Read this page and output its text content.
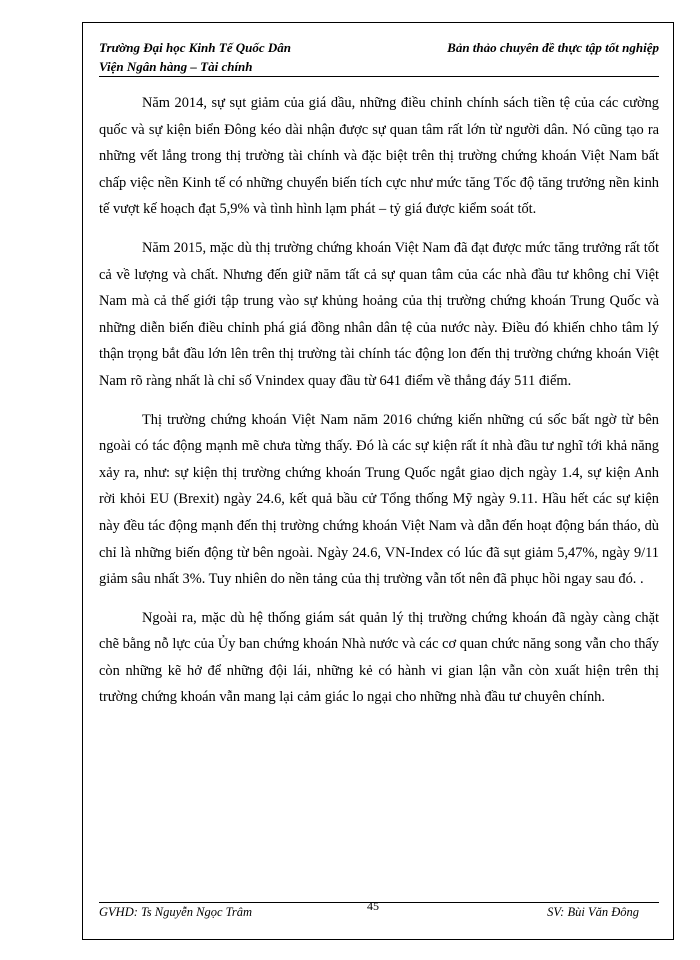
Trường Đại học Kinh Tế Quốc Dân	Bản thảo chuyên đề thực tập tốt nghiệp
Viện Ngân hàng – Tài chính

Năm 2014, sự sụt giảm của giá dầu, những điều chỉnh chính sách tiền tệ của các cường quốc và sự kiện biển Đông kéo dài nhận được sự quan tâm rất lớn từ người dân. Nó cũng tạo ra những vết lắng trong thị trường tài chính và đặc biệt trên thị trường chứng khoán Việt Nam bất chấp việc nền Kinh tế có những chuyển biến tích cực như mức tăng Tốc độ tăng trưởng nền kinh tế vượt kế hoạch đạt 5,9% và tình hình lạm phát – tỷ giá được kiểm soát tốt.

Năm 2015, mặc dù thị trường chứng khoán Việt Nam đã đạt được mức tăng trưởng rất tốt cả về lượng và chất. Nhưng đến giữ năm tất cả sự quan tâm của các nhà đầu tư không chỉ Việt Nam mà cả thế giới tập trung vào sự khủng hoảng của thị trường chứng khoán Trung Quốc và những diễn biến điều chỉnh phá giá đồng nhân dân tệ của nước này. Điều đó khiến chho tâm lý thận trọng bắt đầu lớn lên trên thị trường tài chính tác động lon đến thị trường chứng khoán Việt Nam rõ ràng nhất là chỉ số Vnindex quay đầu từ 641 điểm về thẳng đáy 511 điểm.

Thị trường chứng khoán Việt Nam năm 2016 chứng kiến những cú sốc bất ngờ từ bên ngoài có tác động mạnh mẽ chưa từng thấy. Đó là các sự kiện rất ít nhà đầu tư nghĩ tới khả năng xảy ra, như: sự kiện thị trường chứng khoán Trung Quốc ngắt giao dịch ngày 1.4, sự kiện Anh rời khỏi EU (Brexit) ngày 24.6, kết quả bầu cử Tổng thống Mỹ ngày 9.11. Hầu hết các sự kiện này đều tác động mạnh đến thị trường chứng khoán Việt Nam và dẫn đến hoạt động bán tháo, dù chỉ là những biến động từ bên ngoài. Ngày 24.6, VN-Index có lúc đã sụt giảm 5,47%, ngày 9/11 giảm sâu nhất 3%. Tuy nhiên do nền tảng của thị trường vẫn tốt nên đã phục hồi ngay sau đó. .

Ngoài ra, mặc dù hệ thống giám sát quản lý thị trường chứng khoán đã ngày càng chặt chẽ bằng nỗ lực của Ủy ban chứng khoán Nhà nước và các cơ quan chức năng song vẫn cho thấy còn những kẽ hở để những đội lái, những kẻ có hành vi gian lận vẫn còn xuất hiện trên thị trường chứng khoán vẫn mang lại cảm giác lo ngại cho những nhà đầu tư chuyên chính.

GVHD: Ts Nguyễn Ngọc Trâm	45	SV: Bùi Văn Đông
